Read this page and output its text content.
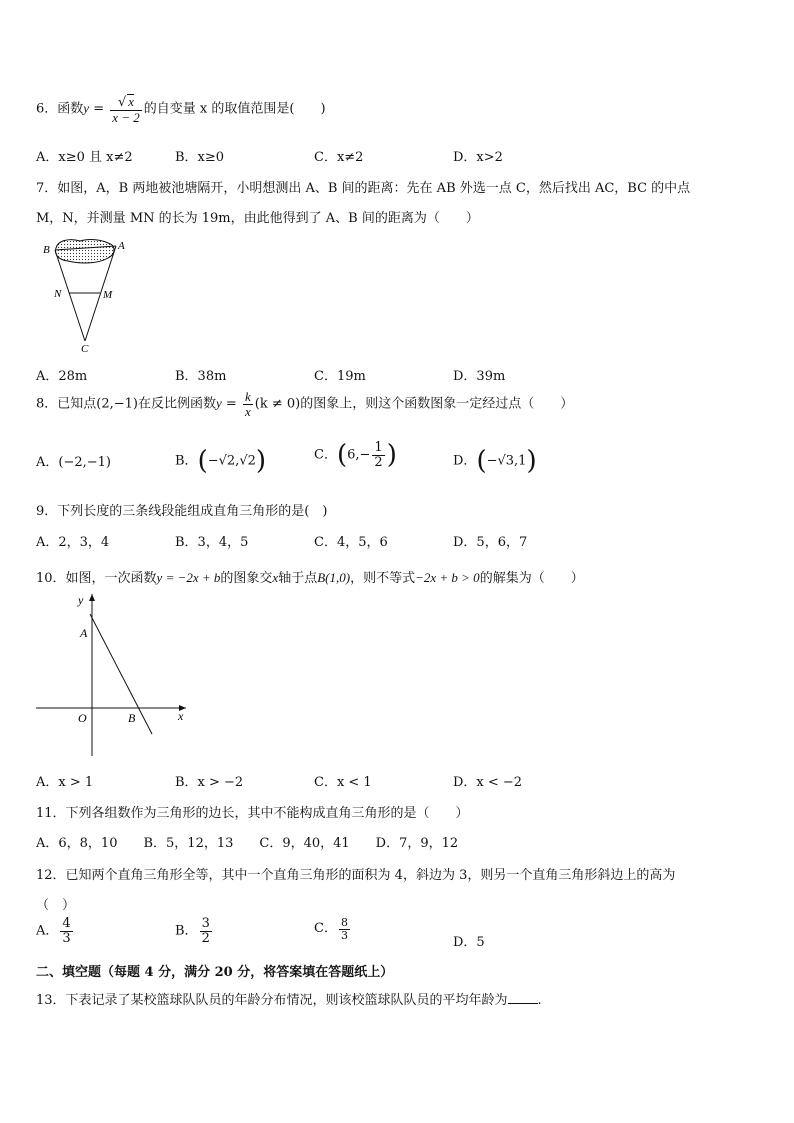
6．函数$y = \frac{√ x}{x - 2}$ 的自变量 x 的取值范围是(　　)
A．x≥0 且 x≠2	B．x≥0	C．x≠2	D．x>2
7．如图，A，B 两地被池塘隔开，小明想测出 A、B 间的距离：先在 AB 外选一点 C，然后找出 AC，BC 的中点
M，N，并测量 MN 的长为 19m，由此他得到了 A、B 间的距离为（　　）
B	A
N	M
C
A．28m	B．38m	C．19m	D．39m
8．已知点(2,−1)在反比例函数$y = \frac{k}{x} (k \ne 0)$的图象上，则这个函数图象一定经过点（　　）
A．(−2,−1)	B．(−√2,√2)	C．($6,- \frac{1}{2}$ )	D．(−√3,1)
9．下列长度的三条线段能组成直角三角形的是(　)
A．2，3，4	B．3，4，5	C．4，5，6	D．5，6，7
10．如图，一次函数y = −2x + b的图象交x轴于点B(1,0)，则不等式−2x + b > 0的解集为（　　）
y
A
O	B	x
A．x > 1	B．x > −2	C．x < 1	D．x < −2
11．下列各组数作为三角形的边长，其中不能构成直角三角形的是（　　）
A．6，8，10　　B．5，12，13　　C．9，40，41　　D．7，9，12
12．已知两个直角三角形全等，其中一个直角三角形的面积为 4，斜边为 3，则另一个直角三角形斜边上的高为
（　）
A． $\frac{4}{3}$	B． $\frac{3}{2}$	C． $\frac{8}{3}$
D．5
二、填空题（每题 4 分，满分 20 分，将答案填在答题纸上）
13．下表记录了某校篮球队队员的年龄分布情况，则该校篮球队队员的平均年龄为 .
